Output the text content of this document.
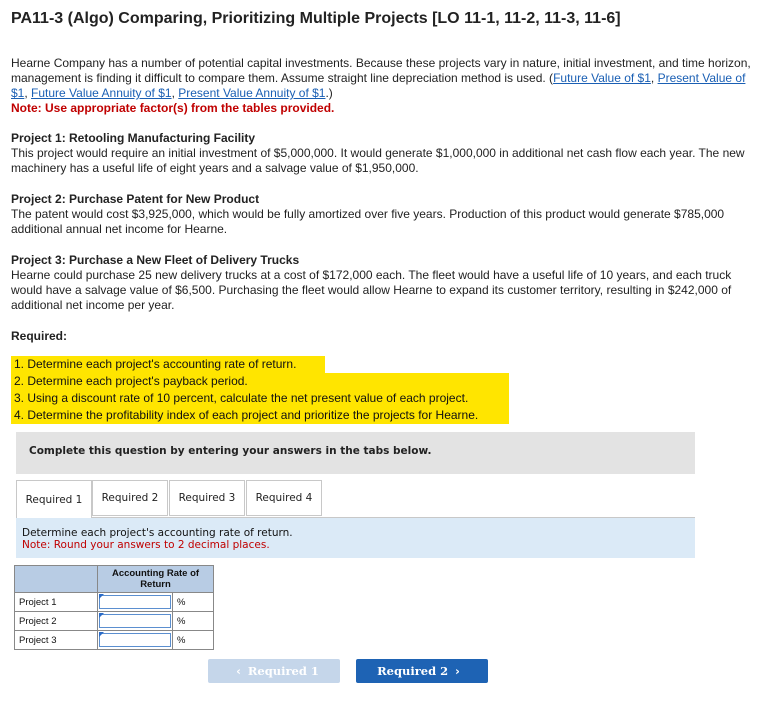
PA11-3 (Algo) Comparing, Prioritizing Multiple Projects [LO 11-1, 11-2, 11-3, 11-6]
Hearne Company has a number of potential capital investments. Because these projects vary in nature, initial investment, and time horizon, management is finding it difficult to compare them. Assume straight line depreciation method is used. (Future Value of $1, Present Value of $1, Future Value Annuity of $1, Present Value Annuity of $1.)
Note: Use appropriate factor(s) from the tables provided.
Project 1: Retooling Manufacturing Facility
This project would require an initial investment of $5,000,000. It would generate $1,000,000 in additional net cash flow each year. The new machinery has a useful life of eight years and a salvage value of $1,950,000.
Project 2: Purchase Patent for New Product
The patent would cost $3,925,000, which would be fully amortized over five years. Production of this product would generate $785,000 additional annual net income for Hearne.
Project 3: Purchase a New Fleet of Delivery Trucks
Hearne could purchase 25 new delivery trucks at a cost of $172,000 each. The fleet would have a useful life of 10 years, and each truck would have a salvage value of $6,500. Purchasing the fleet would allow Hearne to expand its customer territory, resulting in $242,000 of additional net income per year.
Required:
1. Determine each project's accounting rate of return.
2. Determine each project's payback period.
3. Using a discount rate of 10 percent, calculate the net present value of each project.
4. Determine the profitability index of each project and prioritize the projects for Hearne.
Complete this question by entering your answers in the tabs below.
Required 1	Required 2	Required 3	Required 4
Determine each project's accounting rate of return.
Note: Round your answers to 2 decimal places.
	Accounting Rate of Return	
Project 1		%
Project 2		%
Project 3		%
‹ Required 1	Required 2 ›
